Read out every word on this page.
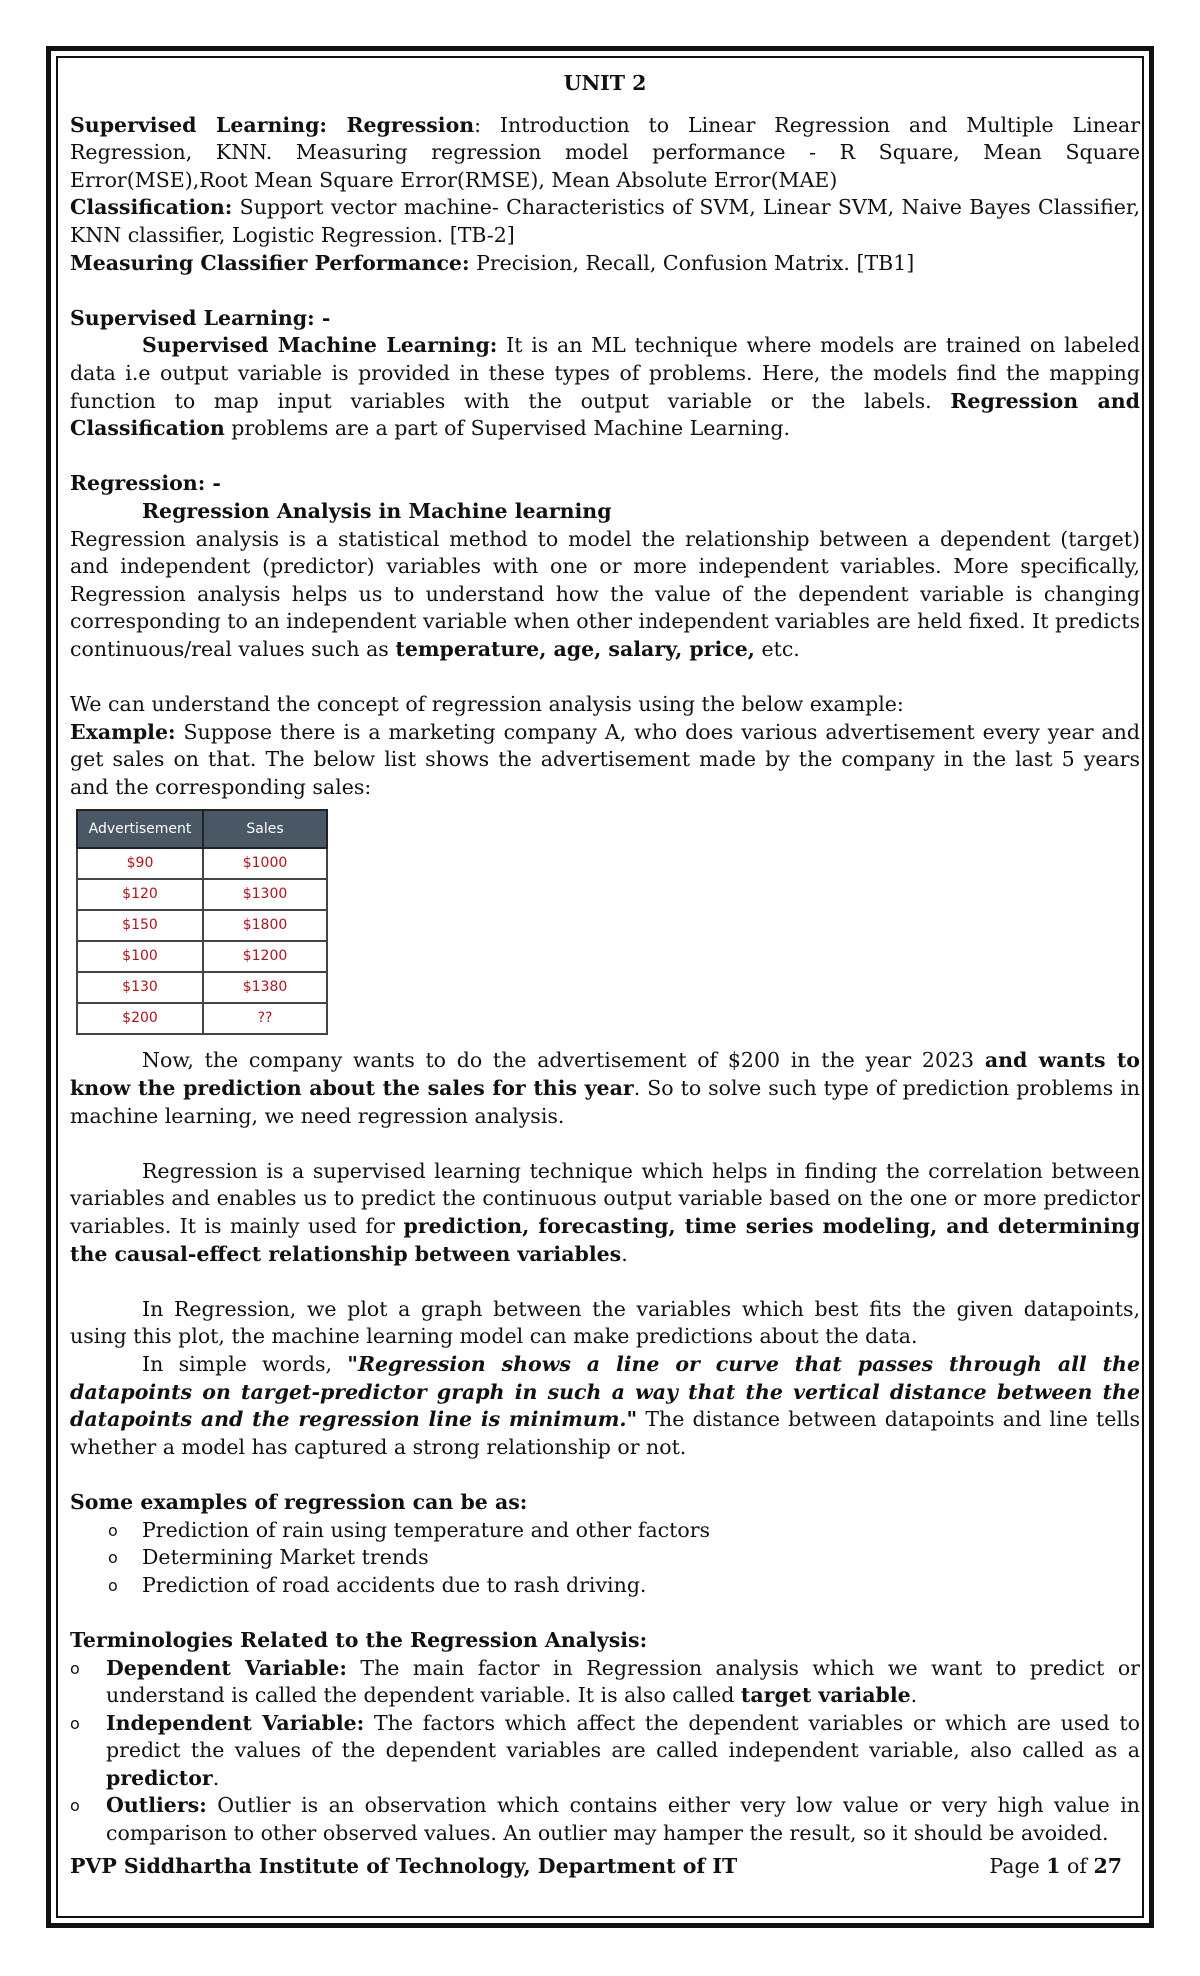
UNIT 2

Supervised Learning: Regression: Introduction to Linear Regression and Multiple Linear Regression, KNN. Measuring regression model performance - R Square, Mean Square Error(MSE),Root Mean Square Error(RMSE), Mean Absolute Error(MAE)

Classification: Support vector machine- Characteristics of SVM, Linear SVM, Naive Bayes Classifier, KNN classifier, Logistic Regression. [TB-2]

Measuring Classifier Performance: Precision, Recall, Confusion Matrix. [TB1]

Supervised Learning: -

Supervised Machine Learning: It is an ML technique where models are trained on labeled data i.e output variable is provided in these types of problems. Here, the models find the mapping function to map input variables with the output variable or the labels. Regression and Classification problems are a part of Supervised Machine Learning.

Regression: -

Regression Analysis in Machine learning

Regression analysis is a statistical method to model the relationship between a dependent (target) and independent (predictor) variables with one or more independent variables. More specifically, Regression analysis helps us to understand how the value of the dependent variable is changing corresponding to an independent variable when other independent variables are held fixed. It predicts continuous/real values such as temperature, age, salary, price, etc.

We can understand the concept of regression analysis using the below example:

Example: Suppose there is a marketing company A, who does various advertisement every year and get sales on that. The below list shows the advertisement made by the company in the last 5 years and the corresponding sales:

Advertisement	Sales
$90	$1000
$120	$1300
$150	$1800
$100	$1200
$130	$1380
$200	??

Now, the company wants to do the advertisement of $200 in the year 2023 and wants to know the prediction about the sales for this year. So to solve such type of prediction problems in machine learning, we need regression analysis.

Regression is a supervised learning technique which helps in finding the correlation between variables and enables us to predict the continuous output variable based on the one or more predictor variables. It is mainly used for prediction, forecasting, time series modeling, and determining the causal-effect relationship between variables.

In Regression, we plot a graph between the variables which best fits the given datapoints, using this plot, the machine learning model can make predictions about the data.

In simple words, "Regression shows a line or curve that passes through all the datapoints on target-predictor graph in such a way that the vertical distance between the datapoints and the regression line is minimum." The distance between datapoints and line tells whether a model has captured a strong relationship or not.

Some examples of regression can be as:

o Prediction of rain using temperature and other factors
o Determining Market trends
o Prediction of road accidents due to rash driving.

Terminologies Related to the Regression Analysis:

o Dependent Variable: The main factor in Regression analysis which we want to predict or understand is called the dependent variable. It is also called target variable.
o Independent Variable: The factors which affect the dependent variables or which are used to predict the values of the dependent variables are called independent variable, also called as a predictor.
o Outliers: Outlier is an observation which contains either very low value or very high value in comparison to other observed values. An outlier may hamper the result, so it should be avoided.
PVP Siddhartha Institute of Technology, Department of IT	Page 1 of 27
